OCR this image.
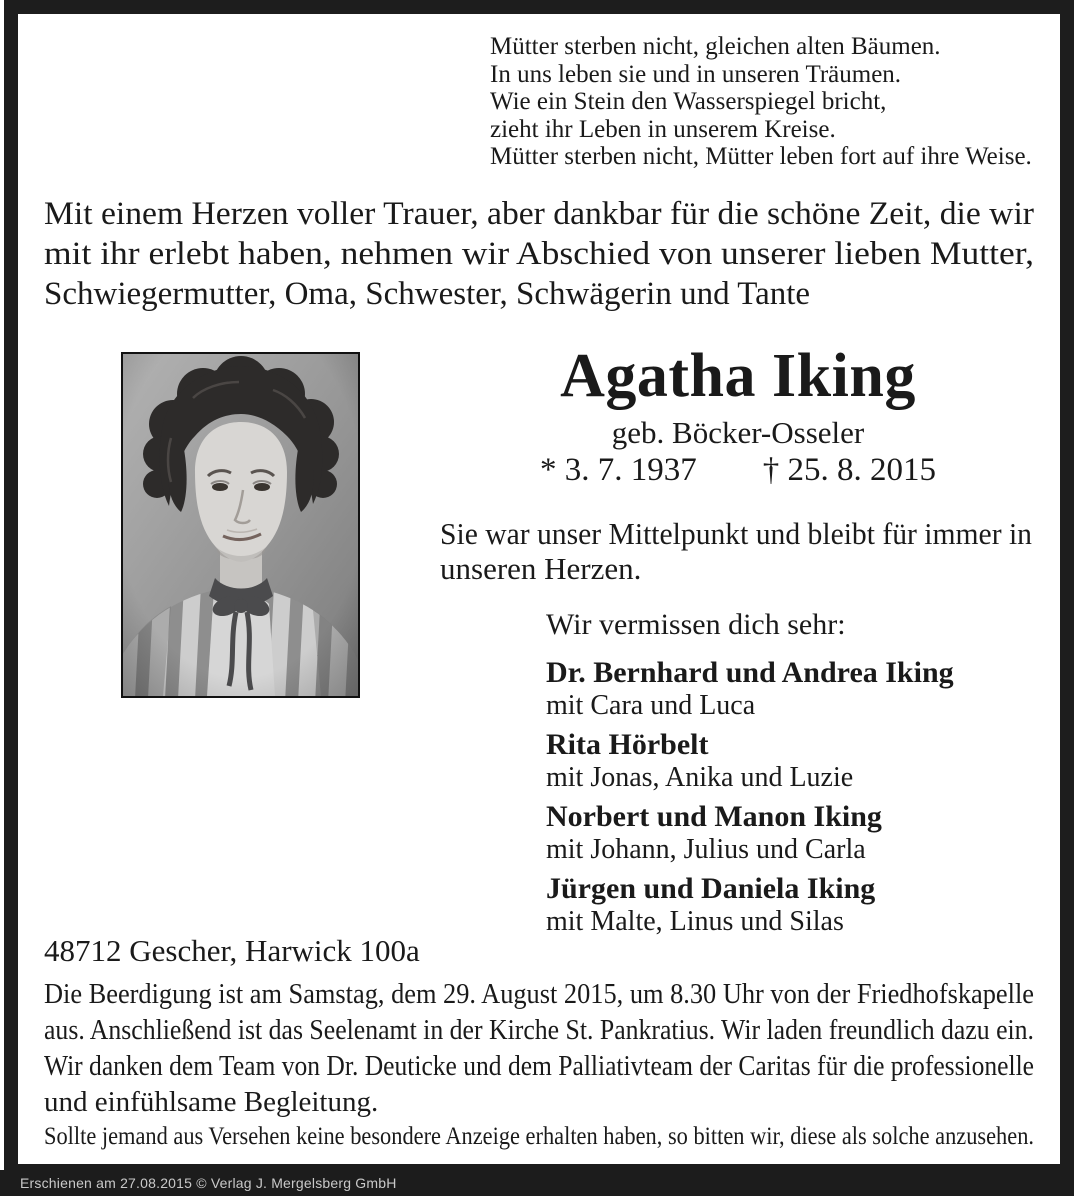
Mütter sterben nicht, gleichen alten Bäumen.
In uns leben sie und in unseren Träumen.
Wie ein Stein den Wasserspiegel bricht,
zieht ihr Leben in unserem Kreise.
Mütter sterben nicht, Mütter leben fort auf ihre Weise.
Mit einem Herzen voller Trauer, aber dankbar für die schöne Zeit, die wir
mit ihr erlebt haben, nehmen wir Abschied von unserer lieben Mutter,
Schwiegermutter, Oma, Schwester, Schwägerin und Tante
Agatha Iking
geb. Böcker-Osseler
* 3. 7. 1937 † 25. 8. 2015
Sie war unser Mittelpunkt und bleibt für immer in
unseren Herzen.
Wir vermissen dich sehr:
Dr. Bernhard und Andrea Iking
mit Cara und Luca
Rita Hörbelt
mit Jonas, Anika und Luzie
Norbert und Manon Iking
mit Johann, Julius und Carla
Jürgen und Daniela Iking
mit Malte, Linus und Silas
48712 Gescher, Harwick 100a
Die Beerdigung ist am Samstag, dem 29. August 2015, um 8.30 Uhr von der Friedhofskapelle
aus. Anschließend ist das Seelenamt in der Kirche St. Pankratius. Wir laden freundlich dazu ein.
Wir danken dem Team von Dr. Deuticke und dem Palliativteam der Caritas für die professionelle
und einfühlsame Begleitung.
Sollte jemand aus Versehen keine besondere Anzeige erhalten haben, so bitten wir, diese als solche anzusehen.
Erschienen am 27.08.2015 © Verlag J. Mergelsberg GmbH
